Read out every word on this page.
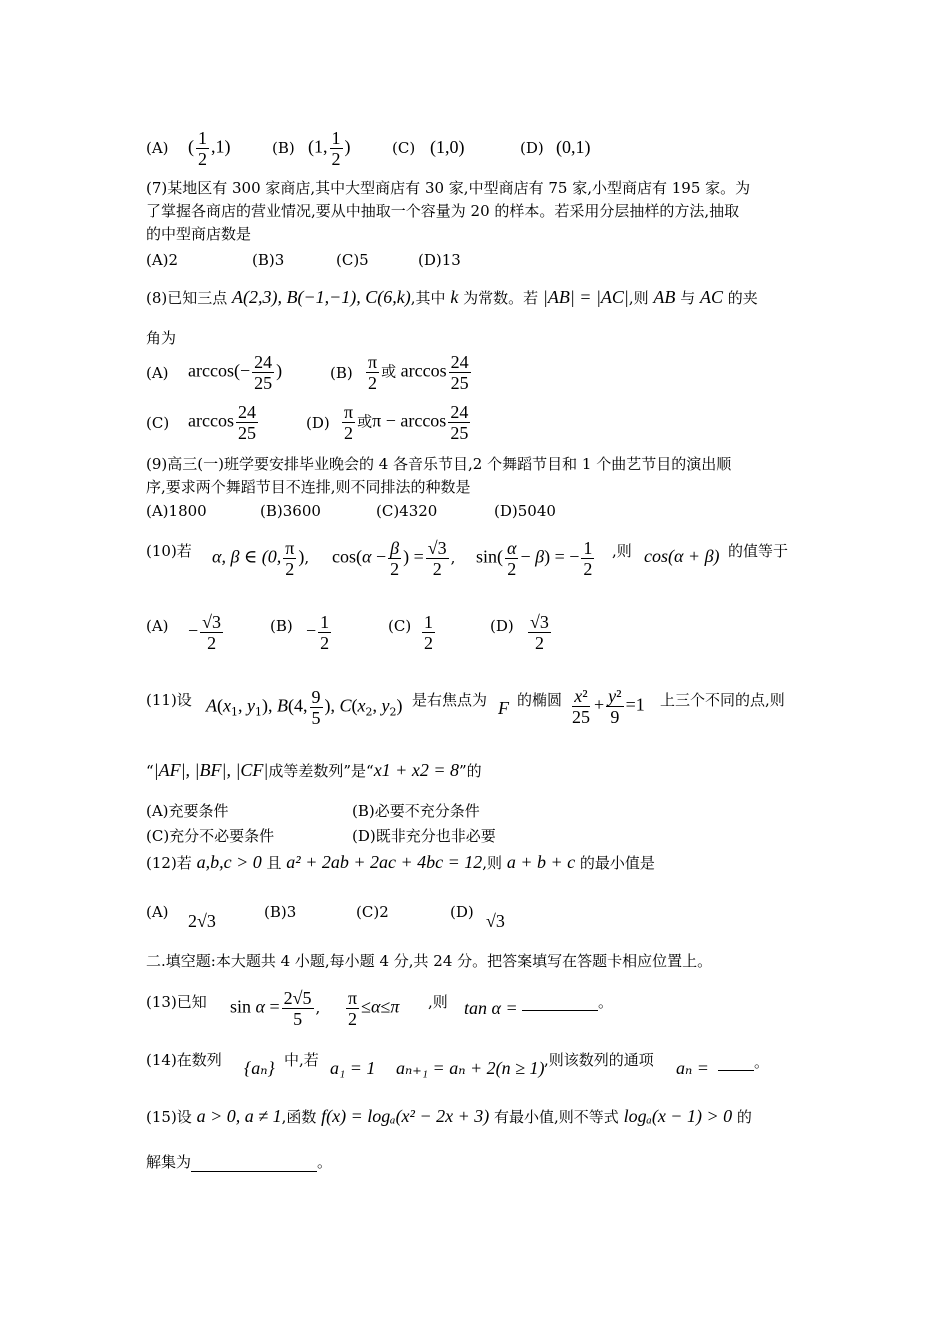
(A) ( $\frac{1}{2} ,1$)	(B) (1, $\frac{1}{2}$ )	(C) (1,0)	(D) (0,1)
(7)某地区有 300 家商店,其中大型商店有 30 家,中型商店有 75 家,小型商店有 195 家。为
了掌握各商店的营业情况,要从中抽取一个容量为 20 的样本。若采用分层抽样的方法,抽取
的中型商店数是
(A)2	(B)3	(C)5	(D)13
(8)已知三点 A(2,3), B(−1,−1), C(6,k),其中 k 为常数。若 |AB| = |AC|,则 AB 与 AC 的夹
角为
(A) $\arccos(- \frac{24}{25}$ )	$(B) \frac{\pi}{2}$ 或 $\arccos \frac{24}{25}$
(C) $\arccos \frac{24}{25}$	$(D) \frac{\pi}{2}$ 或$\pi - \arccos \frac{24}{25}$
(9)高三(一)班学要安排毕业晚会的 4 各音乐节目,2 个舞蹈节目和 1 个曲艺节目的演出顺
序,要求两个舞蹈节目不连排,则不同排法的种数是
(A)1800	(B)3600	(C)4320	(D)5040
(10)若 α, β ∈ (0, $\frac{\pi}{2}$ ), $\cos(\alpha - \frac{\beta}{2}$ ) = $\frac{√3}{2}$ , $\sin( \frac{\alpha}{2} - \beta)$ = − $\frac{1}{2}$ ,则 cos(α + β) 的值等于
$(A) - \frac{√3}{2}$	$(B) - \frac{1}{2}$	$(C) \frac{1}{2}$	$(D) \frac{√3}{2}$
(11)设 $A(x_1$, $y_1$), B(4, $\frac{9}{5}$ ), $C(x_2$, $y_2$) 是右焦点为 F 的椭圆 $\frac{\text{x²}}{25} + \frac{\text{y²}}{9} =1$ 上三个不同的点,则
“|AF|, |BF|, |CF|成等差数列”是“x1 + x2 = 8”的
(A)充要条件	(B)必要不充分条件
(C)充分不必要条件	(D)既非充分也非必要
(12)若 a,b,c > 0 且 a² + 2ab + 2ac + 4bc = 12,则 a + b + c 的最小值是
(A) 2√3	(B)3	(C)2	(D) √3
二.填空题:本大题共 4 小题,每小题 4 分,共 24 分。把答案填写在答题卡相应位置上。
(13)已知 $\sin \alpha = \frac{2√5}{5}$ , $\frac{\pi}{2} \le\alpha\le\pi$ ,则 tan α =	。
(14)在数列 {aₙ} 中,若 a₁ = 1 aₙ₊₁ = aₙ + 2(n ≥ 1) ,则该数列的通项 aₙ =	。
(15)设 a > 0, a ≠ 1,函数 f(x) = logₐ(x² − 2x + 3) 有最小值,则不等式 logₐ(x − 1) > 0 的
解集为	。
